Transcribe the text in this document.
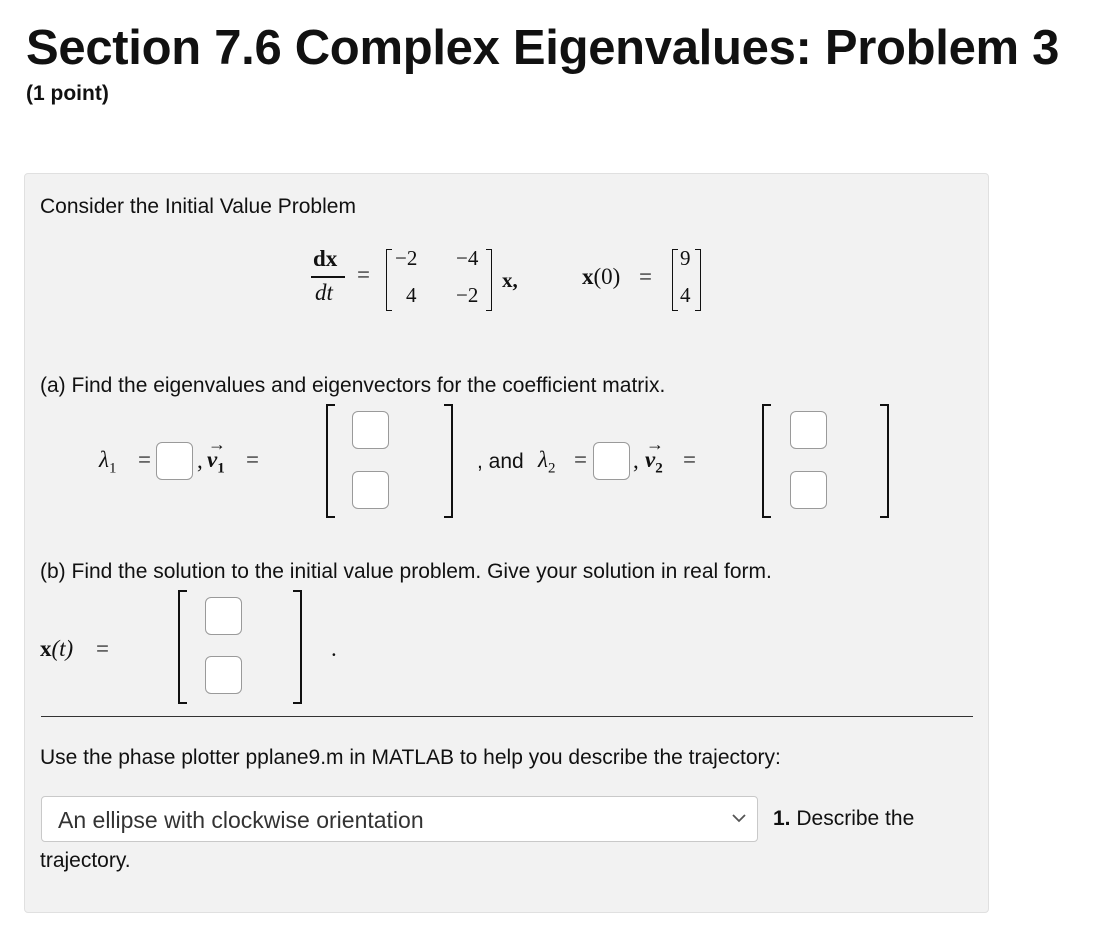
Section 7.6 Complex Eigenvalues: Problem 3
(1 point)
Consider the Initial Value Problem
dx
dt
=
−2 −4
4 −2
x,	x(0) =
9
4
(a) Find the eigenvalues and eigenvectors for the coefficient matrix.
$\lambda_1$ = , v
→
$_1$ =	, and $\lambda_2$ = , v
→
$_2$ =
(b) Find the solution to the initial value problem. Give your solution in real form.
x(t) =	.
Use the phase plotter pplane9.m in MATLAB to help you describe the trajectory:
An ellipse with clockwise orientation	1. Describe the
trajectory.
